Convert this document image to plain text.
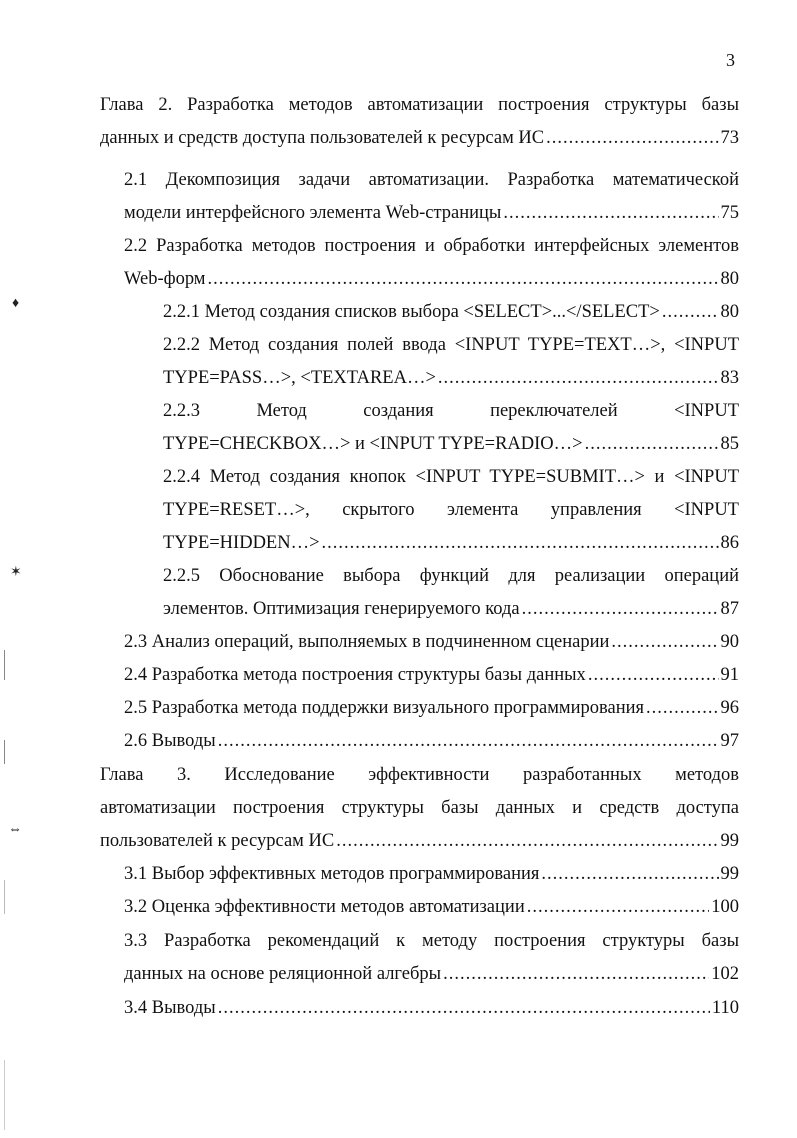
3
Глава 2. Разработка методов автоматизации построения структуры базы
данных и средств доступа пользователей к ресурсам ИС .....	73
2.1 Декомпозиция задачи автоматизации. Разработка математической
модели интерфейсного элемента Web-страницы .....	75
2.2 Разработка методов построения и обработки интерфейсных элементов
Web-форм .....	80
2.2.1 Метод создания списков выбора <SELECT>...</SELECT> .....	80
2.2.2 Метод создания полей ввода <INPUT TYPE=TEXT…>, <INPUT
TYPE=PASS…>, <TEXTAREA…> .....	83
2.2.3 Метод создания переключателей <INPUT
TYPE=CHECKBOX…> и <INPUT TYPE=RADIO…> .....	85
2.2.4 Метод создания кнопок <INPUT TYPE=SUBMIT…> и <INPUT
TYPE=RESET…>, скрытого элемента управления <INPUT
TYPE=HIDDEN…> .....	86
2.2.5 Обоснование выбора функций для реализации операций
элементов. Оптимизация генерируемого кода .....	87
2.3 Анализ операций, выполняемых в подчиненном сценарии .....	90
2.4 Разработка метода построения структуры базы данных .....	91
2.5 Разработка метода поддержки визуального программирования .....	96
2.6 Выводы .....	97
Глава 3. Исследование эффективности разработанных методов
автоматизации построения структуры базы данных и средств доступа
пользователей к ресурсам ИС .....	99
3.1 Выбор эффективных методов программирования .....	99
3.2 Оценка эффективности методов автоматизации .....	100
3.3 Разработка рекомендаций к методу построения структуры базы
данных на основе реляционной алгебры .....	102
3.4 Выводы .....	110
♦
✶
⇔
